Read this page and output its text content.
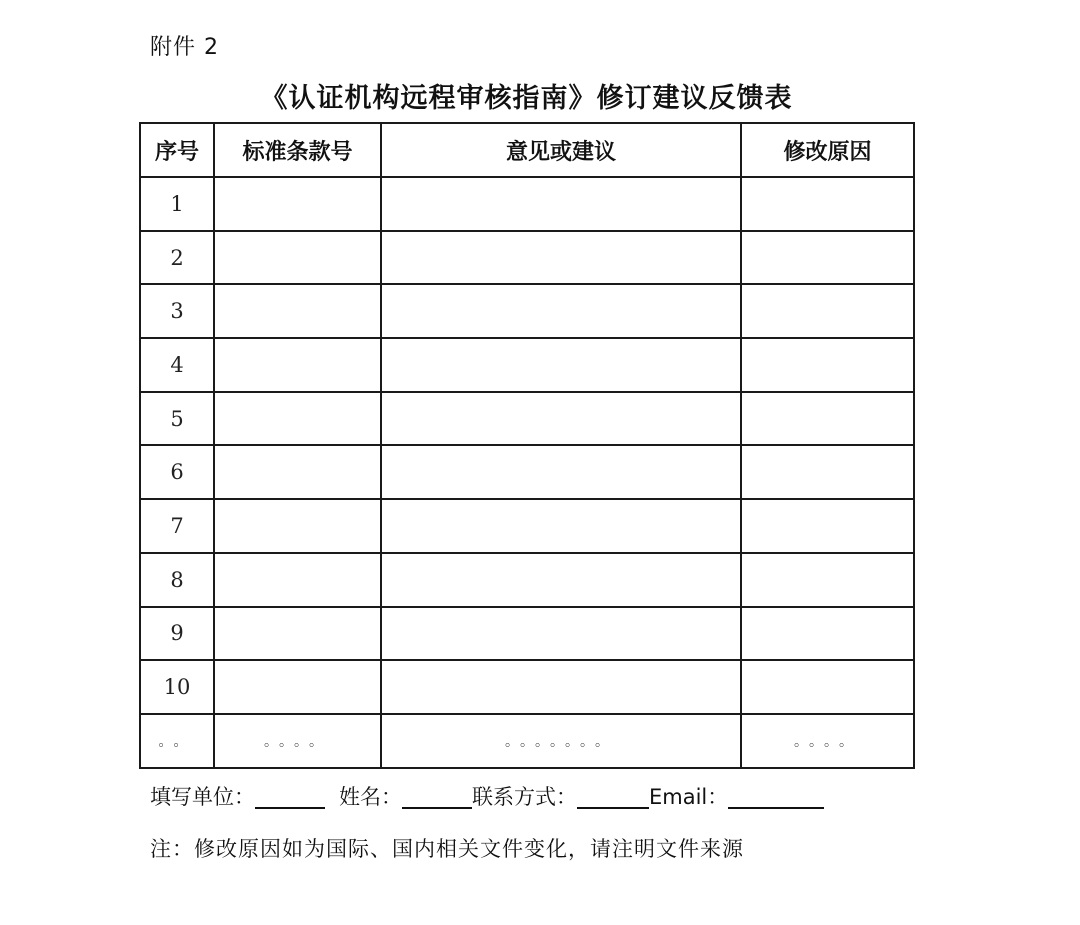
附件 2
《认证机构远程审核指南》修订建议反馈表
序号	标准条款号	意见或建议	修改原因
1			
2			
3			
4			
5			
6			
7			
8			
9			
10			
。。	。。。。	。。。。。。。	。。。。
填写单位：	姓名：	联系方式：	Email：
注：修改原因如为国际、国内相关文件变化，请注明文件来源
